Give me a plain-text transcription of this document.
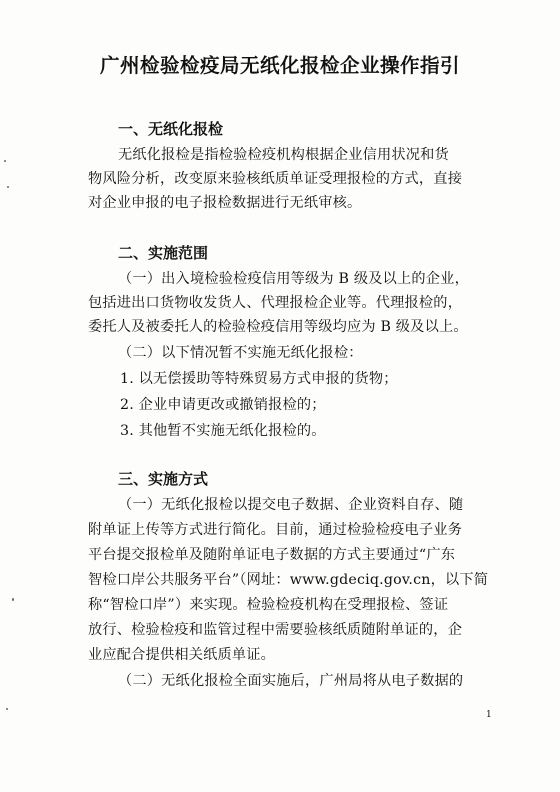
广州检验检疫局无纸化报检企业操作指引
一、无纸化报检
无纸化报检是指检验检疫机构根据企业信用状况和货
物风险分析，改变原来验核纸质单证受理报检的方式，直接
对企业申报的电子报检数据进行无纸审核。
二、实施范围
（一）出入境检验检疫信用等级为 B 级及以上的企业，
包括进出口货物收发货人、代理报检企业等。代理报检的，
委托人及被委托人的检验检疫信用等级均应为 B 级及以上。
（二）以下情况暂不实施无纸化报检：
1. 以无偿援助等特殊贸易方式申报的货物；
2. 企业申请更改或撤销报检的；
3. 其他暂不实施无纸化报检的。
三、实施方式
（一）无纸化报检以提交电子数据、企业资料自存、随
附单证上传等方式进行简化。目前，通过检验检疫电子业务
平台提交报检单及随附单证电子数据的方式主要通过“广东
智检口岸公共服务平台”（网址：www.gdeciq.gov.cn，以下简
称“智检口岸”）来实现。检验检疫机构在受理报检、签证
放行、检验检疫和监管过程中需要验核纸质随附单证的，企
业应配合提供相关纸质单证。
（二）无纸化报检全面实施后，广州局将从电子数据的
1
